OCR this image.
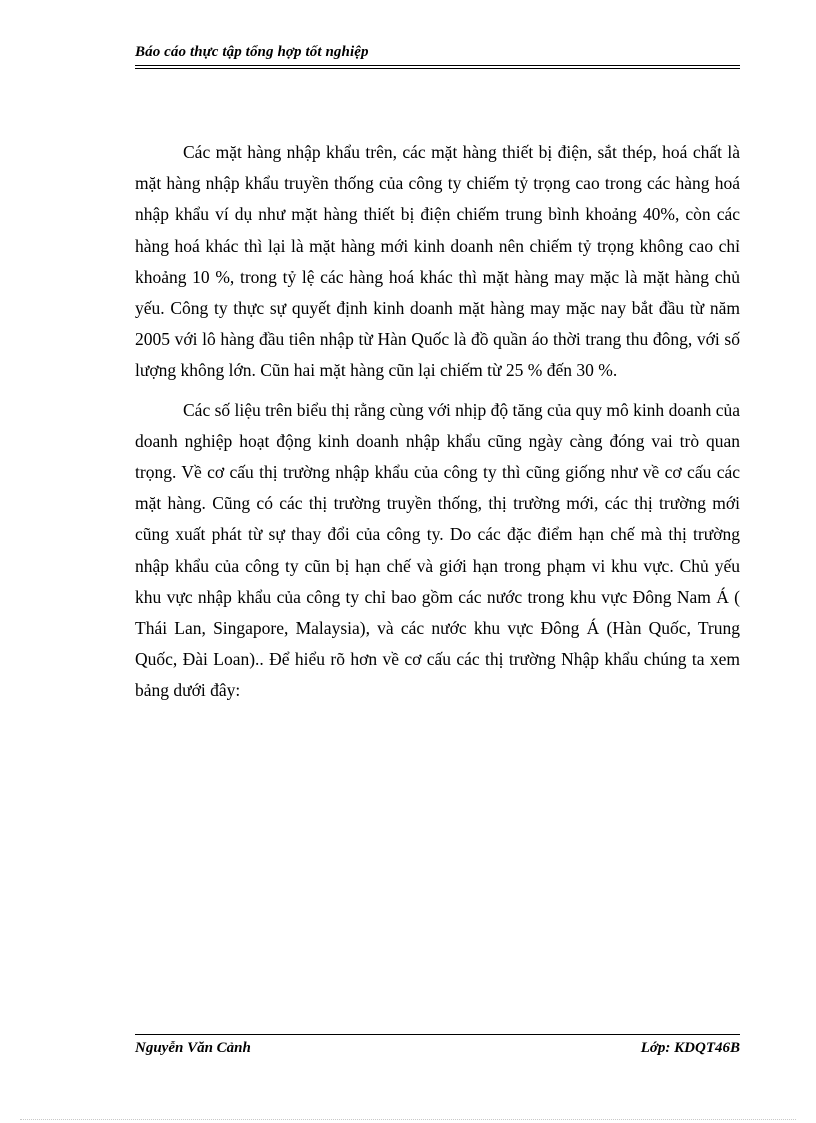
Báo cáo thực tập tổng hợp tốt nghiệp

Các mặt hàng nhập khẩu trên, các mặt hàng thiết bị điện, sắt thép, hoá chất là mặt hàng nhập khẩu truyền thống của công ty chiếm tỷ trọng cao trong các hàng hoá nhập khẩu ví dụ như mặt hàng thiết bị điện chiếm trung bình khoảng 40%, còn các hàng hoá khác thì lại là mặt hàng mới kinh doanh nên chiếm tỷ trọng không cao chỉ khoảng 10 %, trong tỷ lệ các hàng hoá khác thì mặt hàng may mặc là mặt hàng chủ yếu. Công ty thực sự quyết định kinh doanh mặt hàng may mặc nay bắt đầu từ năm 2005 với lô hàng đầu tiên nhập từ Hàn Quốc là đồ quần áo thời trang thu đông, với số lượng không lớn. Cũn hai mặt hàng cũn lại chiếm từ 25 % đến 30 %.

Các số liệu trên biểu thị rằng cùng với nhịp độ tăng của quy mô kinh doanh của doanh nghiệp hoạt động kinh doanh nhập khẩu cũng ngày càng đóng vai trò quan trọng. Về cơ cấu thị trường nhập khẩu của công ty thì cũng giống như về cơ cấu các mặt hàng. Cũng có các thị trường truyền thống, thị trường mới, các thị trường mới cũng xuất phát từ sự thay đổi của công ty. Do các đặc điểm hạn chế mà thị trường nhập khẩu của công ty cũn bị hạn chế và giới hạn trong phạm vi khu vực. Chủ yếu khu vực nhập khẩu của công ty chỉ bao gồm các nước trong khu vực Đông Nam Á ( Thái Lan, Singapore, Malaysia), và các nước khu vực Đông Á (Hàn Quốc, Trung Quốc, Đài Loan).. Để hiểu rõ hơn về cơ cấu các thị trường Nhập khẩu chúng ta xem bảng dưới đây:

Nguyễn Văn Cảnh	Lớp: KDQT46B
